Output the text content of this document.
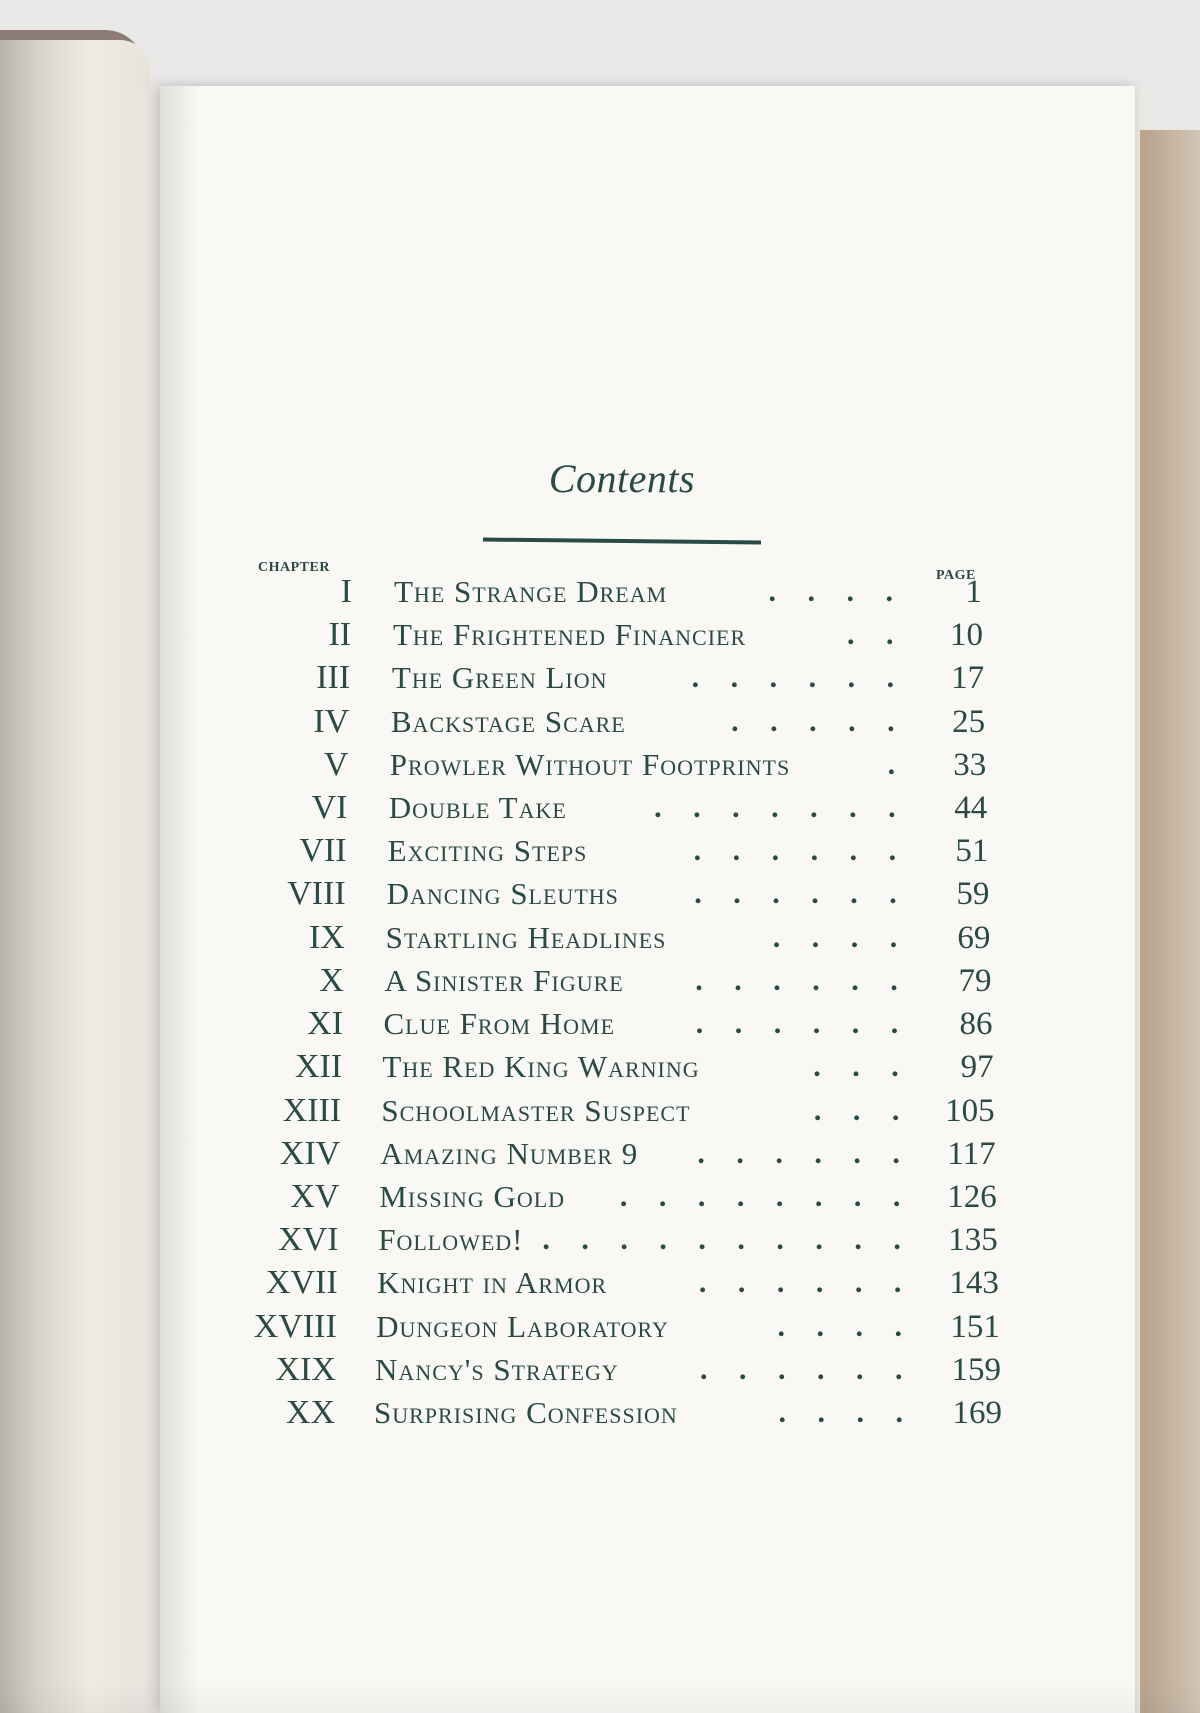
Contents
CHAPTER
PAGE
I The Strange Dream	. . . .	1
II The Frightened Financier	. .	10
III The Green Lion	. . . . . .	17
IV Backstage Scare	. . . . .	25
V Prowler Without Footprints	.	33
VI Double Take	. . . . . . .	44
VII Exciting Steps	. . . . . .	51
VIII Dancing Sleuths	. . . . . .	59
IX Startling Headlines	. . . .	69
X A Sinister Figure . . . . . .	79
XI Clue From Home	. . . . . .	86
XII The Red King Warning	. . .	97
XIII Schoolmaster Suspect	. . .	105
XIV Amazing Number 9 . . . . . .	117
XV Missing Gold . . . . . . . .	126
XVI Followed! . . . . . . . . . .	135
XVII Knight in Armor	. . . . . .	143
XVIII Dungeon Laboratory	. . . .	151
XIX Nancy's Strategy	. . . . . .	159
XX Surprising Confession	. . . .	169
